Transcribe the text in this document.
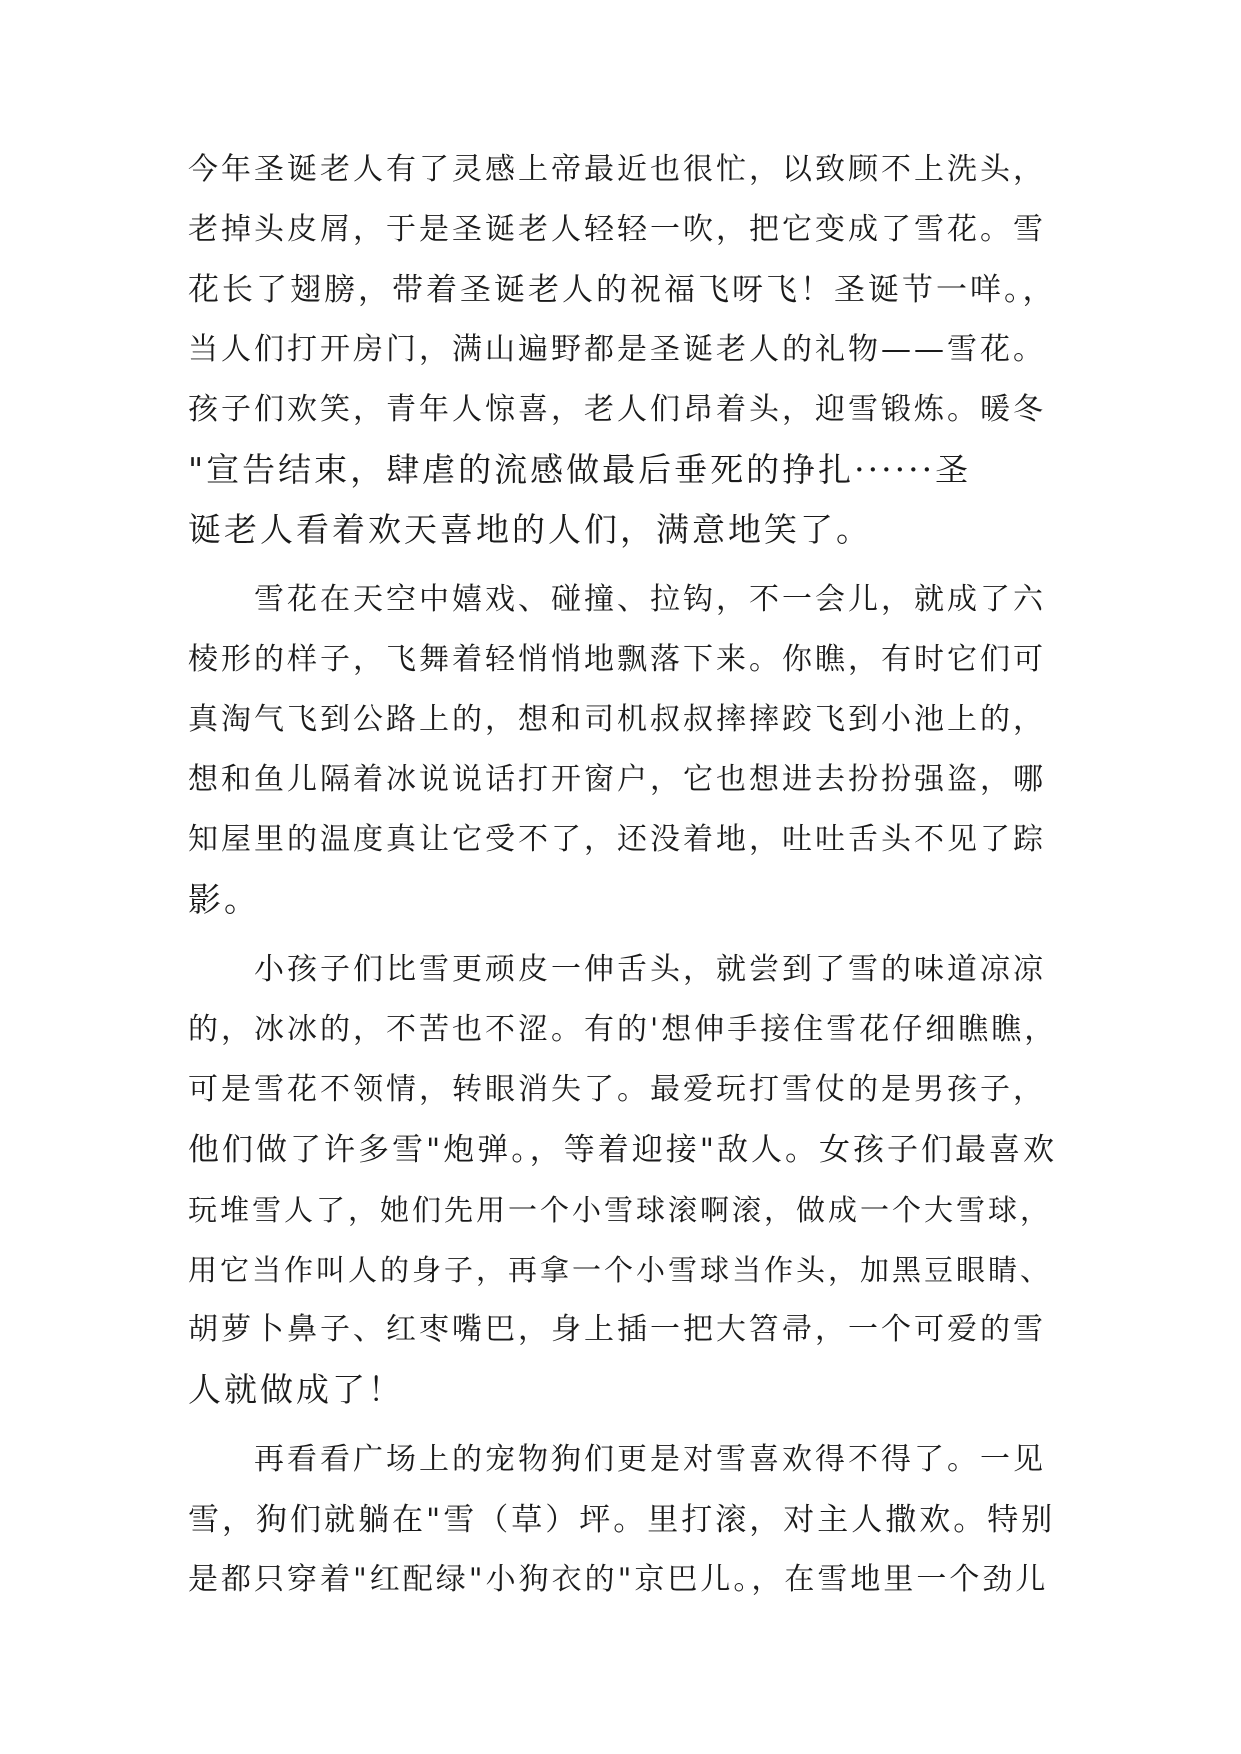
今年圣诞老人有了灵感上帝最近也很忙，以致顾不上洗头，
老掉头皮屑，于是圣诞老人轻轻一吹，把它变成了雪花。雪
花长了翅膀，带着圣诞老人的祝福飞呀飞！圣诞节一咩。，
当人们打开房门，满山遍野都是圣诞老人的礼物——雪花。
孩子们欢笑，青年人惊喜，老人们昂着头，迎雪锻炼。暖冬
"宣告结束，肆虐的流感做最后垂死的挣扎······圣
诞老人看着欢天喜地的人们，满意地笑了。
雪花在天空中嬉戏、碰撞、拉钩，不一会儿，就成了六
棱形的样子，飞舞着轻悄悄地飘落下来。你瞧，有时它们可
真淘气飞到公路上的，想和司机叔叔摔摔跤飞到小池上的，
想和鱼儿隔着冰说说话打开窗户，它也想进去扮扮强盗，哪
知屋里的温度真让它受不了，还没着地，吐吐舌头不见了踪
影。
小孩子们比雪更顽皮一伸舌头，就尝到了雪的味道凉凉
的，冰冰的，不苦也不涩。有的'想伸手接住雪花仔细瞧瞧，
可是雪花不领情，转眼消失了。最爱玩打雪仗的是男孩子，
他们做了许多雪"炮弹。，等着迎接"敌人。女孩子们最喜欢
玩堆雪人了，她们先用一个小雪球滚啊滚，做成一个大雪球，
用它当作叫人的身子，再拿一个小雪球当作头，加黑豆眼睛、
胡萝卜鼻子、红枣嘴巴，身上插一把大笤帚，一个可爱的雪
人就做成了！
再看看广场上的宠物狗们更是对雪喜欢得不得了。一见
雪，狗们就躺在"雪（草）坪。里打滚，对主人撒欢。特别
是都只穿着"红配绿"小狗衣的"京巴儿。，在雪地里一个劲儿
